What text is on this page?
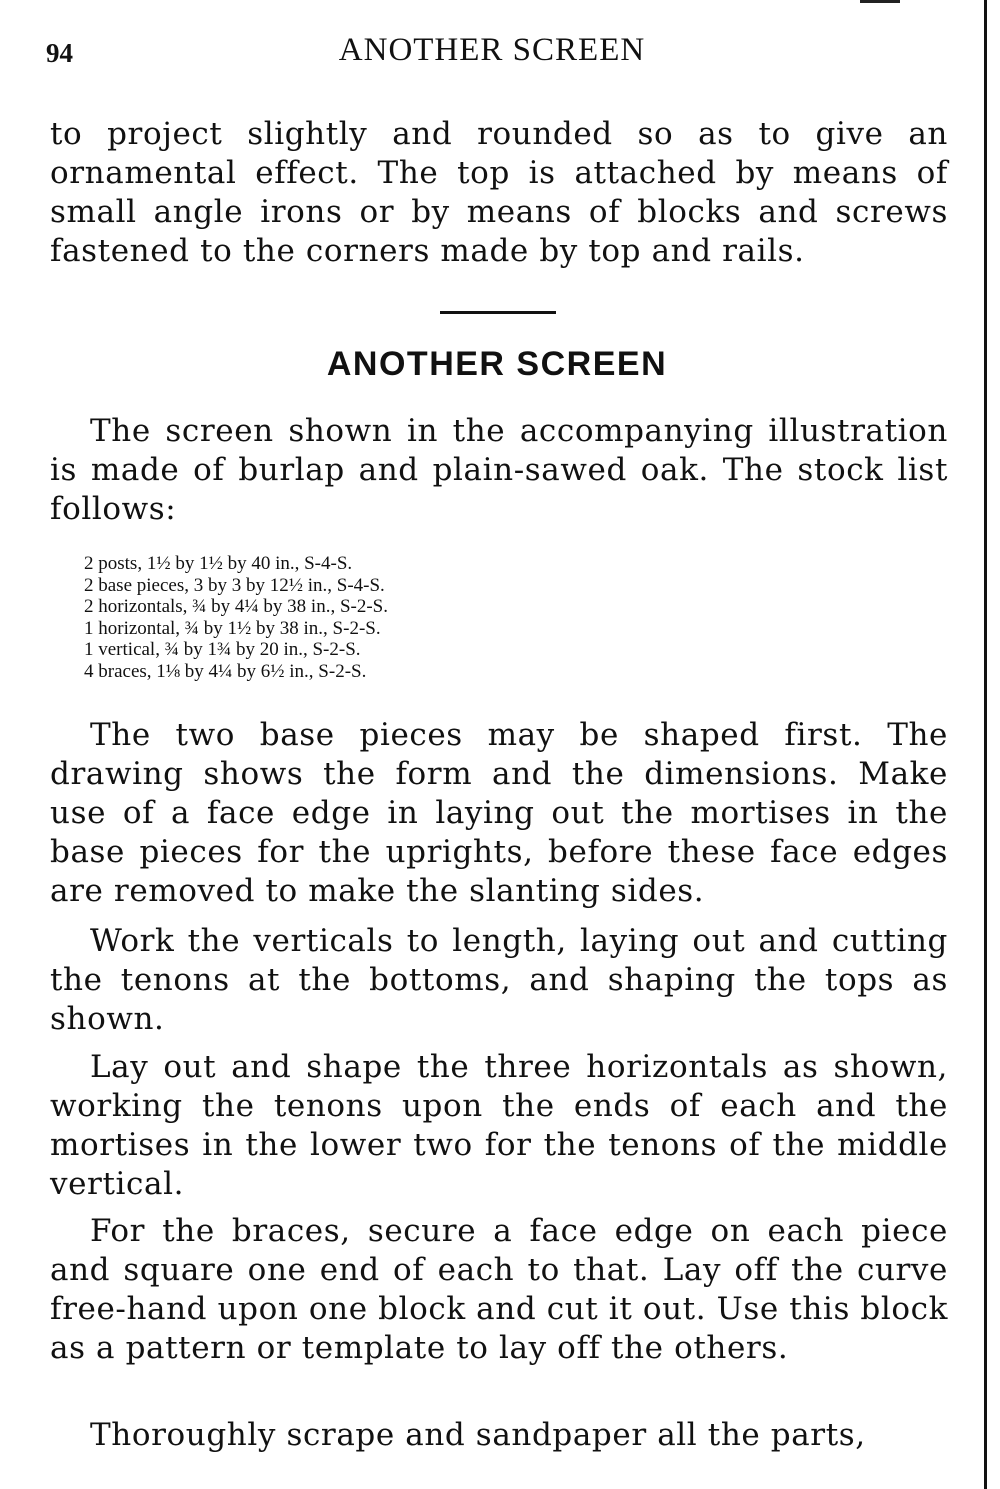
94	ANOTHER SCREEN

to project slightly and rounded so as to give an ornamental effect. The top is attached by means of small angle irons or by means of blocks and screws fastened to the corners made by top and rails.

ANOTHER SCREEN

The screen shown in the accompanying illustration is made of burlap and plain-sawed oak. The stock list follows:

2 posts, 1½ by 1½ by 40 in., S-4-S.
2 base pieces, 3 by 3 by 12½ in., S-4-S.
2 horizontals, ¾ by 4¼ by 38 in., S-2-S.
1 horizontal, ¾ by 1½ by 38 in., S-2-S.
1 vertical, ¾ by 1¾ by 20 in., S-2-S.
4 braces, 1⅛ by 4¼ by 6½ in., S-2-S.

The two base pieces may be shaped first. The drawing shows the form and the dimensions. Make use of a face edge in laying out the mortises in the base pieces for the uprights, before these face edges are removed to make the slanting sides.

Work the verticals to length, laying out and cutting the tenons at the bottoms, and shaping the tops as shown.

Lay out and shape the three horizontals as shown, working the tenons upon the ends of each and the mortises in the lower two for the tenons of the middle vertical.

For the braces, secure a face edge on each piece and square one end of each to that. Lay off the curve free-hand upon one block and cut it out. Use this block as a pattern or template to lay off the others.

Thoroughly scrape and sandpaper all the parts,
